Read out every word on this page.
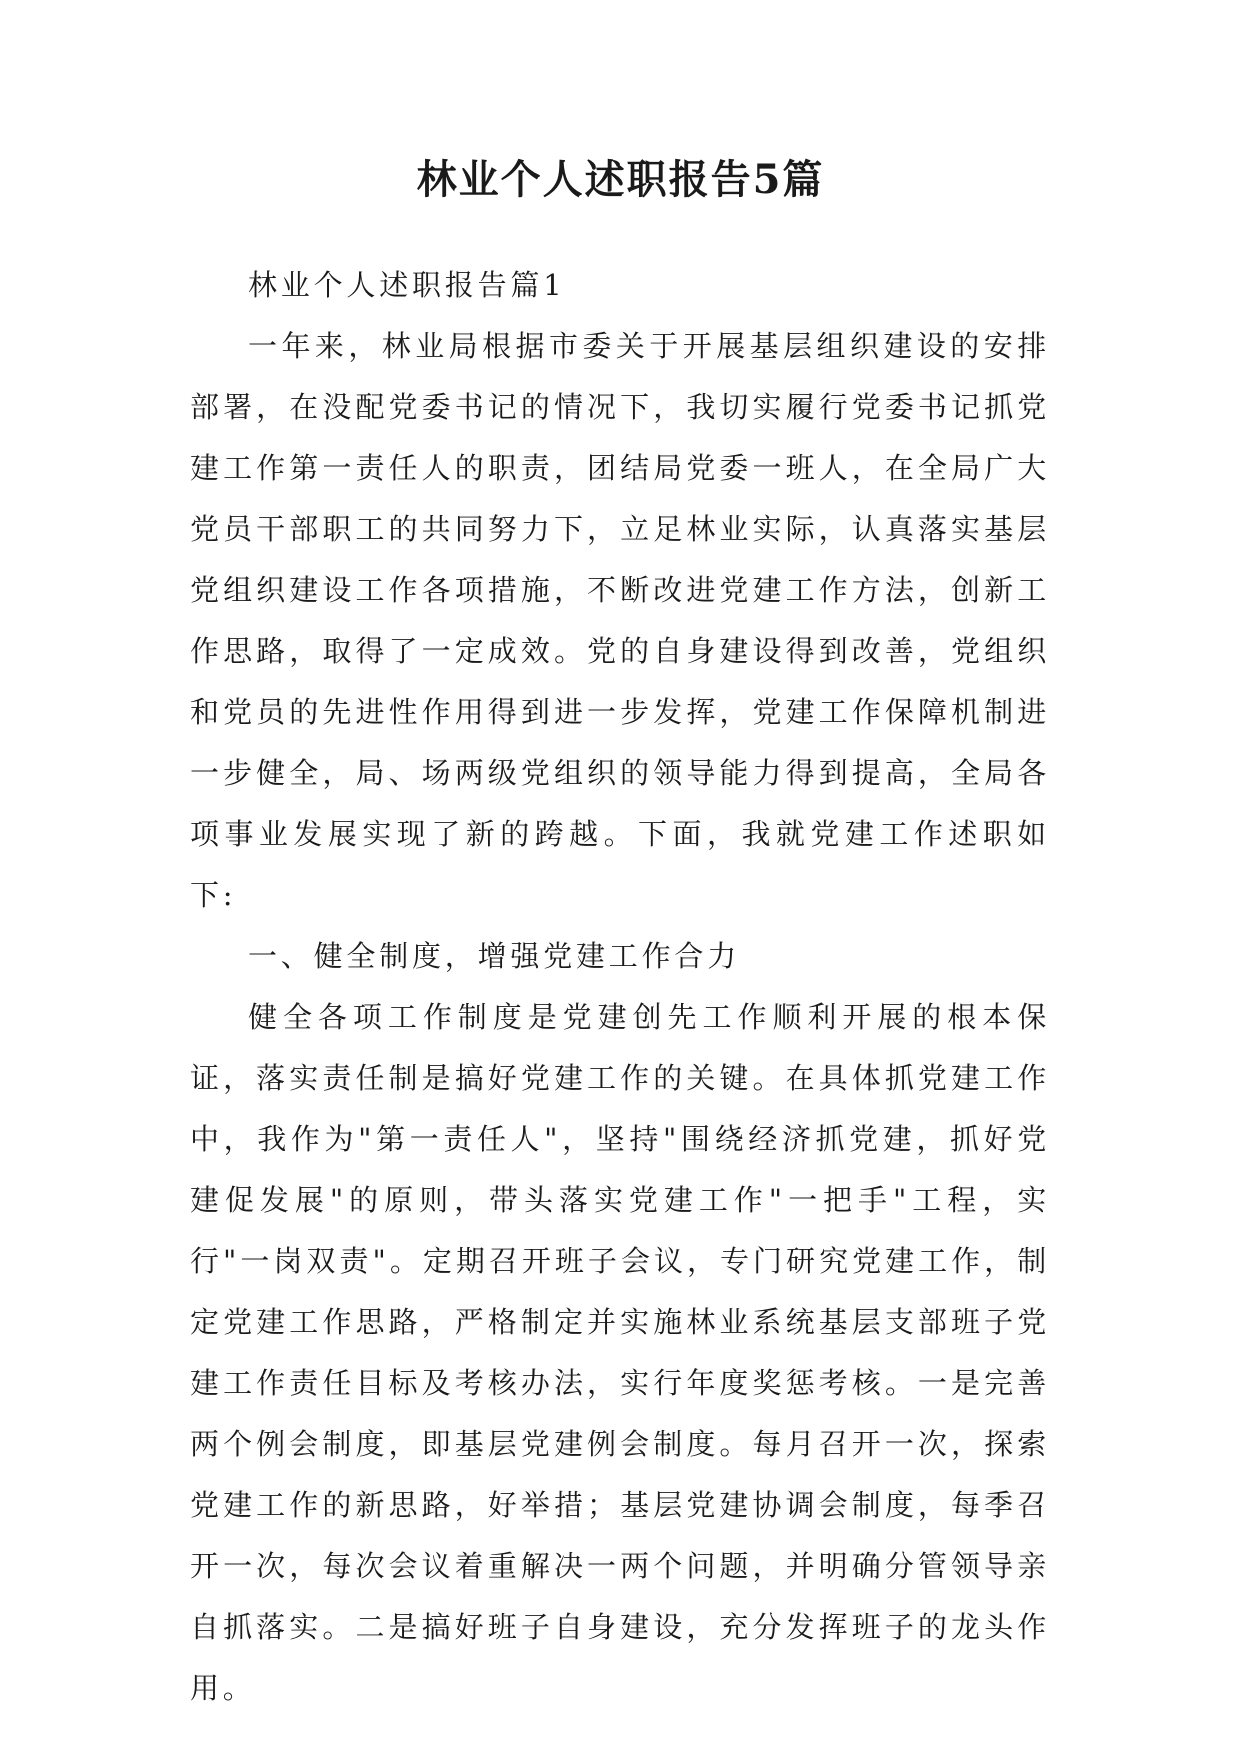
林业个人述职报告5篇

林业个人述职报告篇1

一年来，林业局根据市委关于开展基层组织建设的安排部署，在没配党委书记的情况下，我切实履行党委书记抓党建工作第一责任人的职责，团结局党委一班人，在全局广大党员干部职工的共同努力下，立足林业实际，认真落实基层党组织建设工作各项措施，不断改进党建工作方法，创新工作思路，取得了一定成效。党的自身建设得到改善，党组织和党员的先进性作用得到进一步发挥，党建工作保障机制进一步健全，局、场两级党组织的领导能力得到提高，全局各项事业发展实现了新的跨越。下面，我就党建工作述职如下:

一、健全制度，增强党建工作合力

健全各项工作制度是党建创先工作顺利开展的根本保证，落实责任制是搞好党建工作的关键。在具体抓党建工作中，我作为"第一责任人"，坚持"围绕经济抓党建，抓好党建促发展"的原则，带头落实党建工作"一把手"工程，实行"一岗双责"。定期召开班子会议，专门研究党建工作，制定党建工作思路，严格制定并实施林业系统基层支部班子党建工作责任目标及考核办法，实行年度奖惩考核。一是完善两个例会制度，即基层党建例会制度。每月召开一次，探索党建工作的新思路，好举措；基层党建协调会制度，每季召开一次，每次会议着重解决一两个问题，并明确分管领导亲自抓落实。二是搞好班子自身建设，充分发挥班子的龙头作用。
